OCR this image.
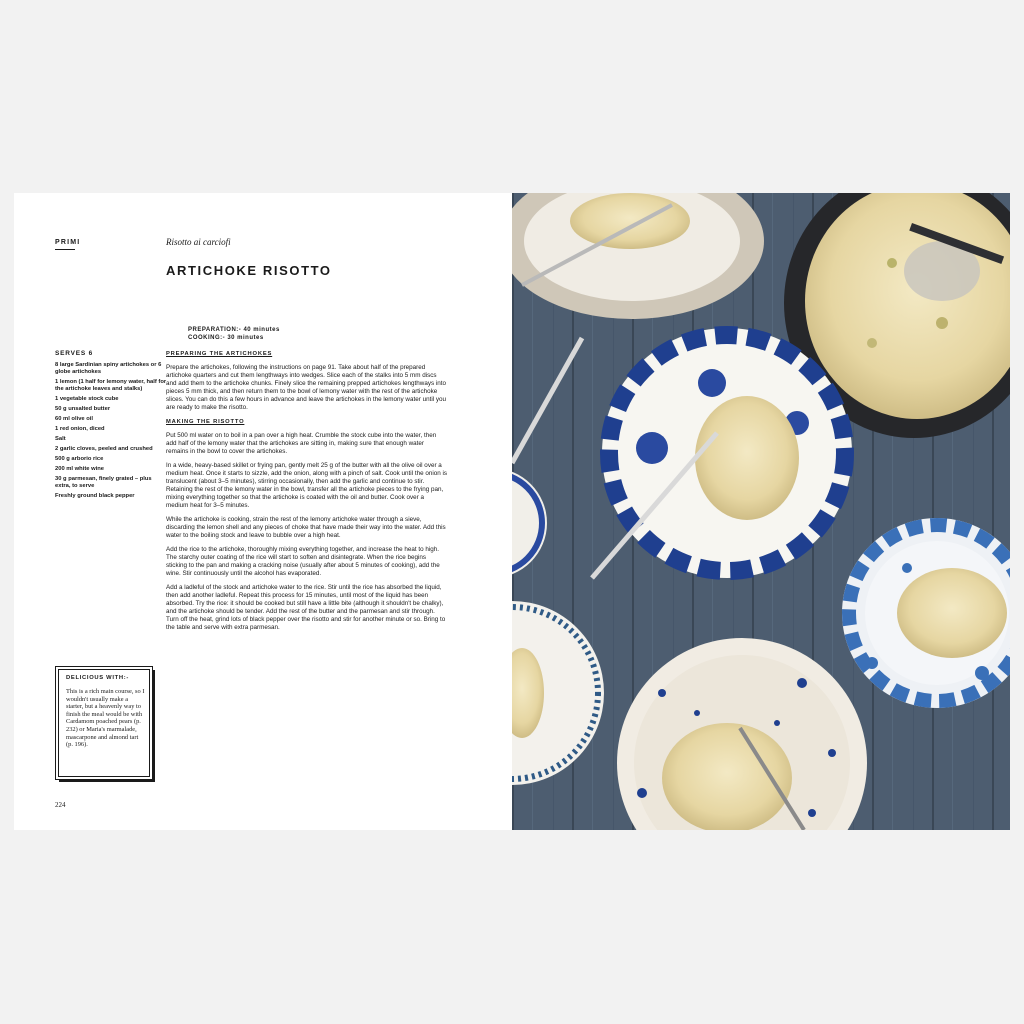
PRIMI	Risotto ai carciofi
ARTICHOKE RISOTTO
PREPARATION:- 40 minutes
COOKING:- 30 minutes
SERVES 6
8 large Sardinian spiny artichokes or 6 globe artichokes
1 lemon (1 half for lemony water, half for the artichoke leaves and stalks)
1 vegetable stock cube
50 g unsalted butter
60 ml olive oil
1 red onion, diced
Salt
2 garlic cloves, peeled and crushed
500 g arborio rice
200 ml white wine
30 g parmesan, finely grated – plus extra, to serve
Freshly ground black pepper
PREPARING THE ARTICHOKES

Prepare the artichokes, following the instructions on page 91. Take about half of the prepared artichoke quarters and cut them lengthways into wedges. Slice each of the stalks into 5 mm discs and add them to the artichoke chunks. Finely slice the remaining prepped artichokes lengthways into pieces 5 mm thick, and then return them to the bowl of lemony water with the rest of the artichoke slices. You can do this a few hours in advance and leave the artichokes in the lemony water until you are ready to make the risotto.

MAKING THE RISOTTO

Put 500 ml water on to boil in a pan over a high heat. Crumble the stock cube into the water, then add half of the lemony water that the artichokes are sitting in, making sure that enough water remains in the bowl to cover the artichokes.

In a wide, heavy-based skillet or frying pan, gently melt 25 g of the butter with all the olive oil over a medium heat. Once it starts to sizzle, add the onion, along with a pinch of salt. Cook until the onion is translucent (about 3–5 minutes), stirring occasionally, then add the garlic and continue to stir. Retaining the rest of the lemony water in the bowl, transfer all the artichoke pieces to the frying pan, mixing everything together so that the artichoke is coated with the oil and butter. Cook over a medium heat for 3–5 minutes.

While the artichoke is cooking, strain the rest of the lemony artichoke water through a sieve, discarding the lemon shell and any pieces of choke that have made their way into the water. Add this water to the boiling stock and leave to bubble over a high heat.

Add the rice to the artichoke, thoroughly mixing everything together, and increase the heat to high. The starchy outer coating of the rice will start to soften and disintegrate. When the rice begins sticking to the pan and making a cracking noise (usually after about 5 minutes of cooking), add the wine. Stir continuously until the alcohol has evaporated.

Add a ladleful of the stock and artichoke water to the rice. Stir until the rice has absorbed the liquid, then add another ladleful. Repeat this process for 15 minutes, until most of the liquid has been absorbed. Try the rice: it should be cooked but still have a little bite (although it shouldn't be chalky), and the artichoke should be tender. Add the rest of the butter and the parmesan and stir through. Turn off the heat, grind lots of black pepper over the risotto and stir for another minute or so. Bring to the table and serve with extra parmesan.

DELICIOUS WITH:-
This is a rich main course, so I wouldn't usually make a starter, but a heavenly way to finish the meal would be with Cardamom poached pears (p. 232) or Maria's marmalade, mascarpone and almond tart (p. 196).
224
